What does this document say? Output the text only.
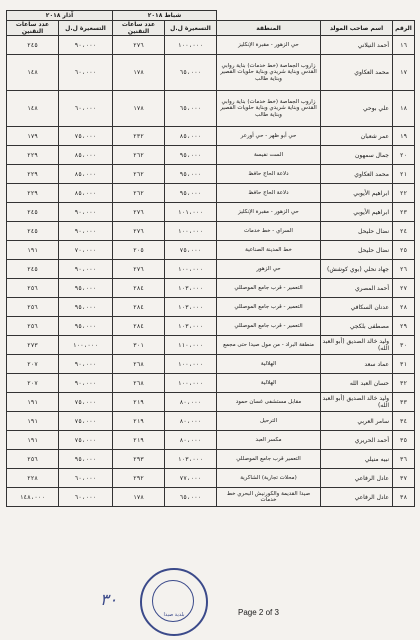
			شباط ٢٠١٨		آذار ٢٠١٨	
الرقم	اسم صاحب المولد	المنطقة	التسعيرة ل.ل	عدد ساعات التقنين	التسعيرة ل.ل	عدد ساعات التقنين
١٦	أحمد النيلاني	حي الزهور - مقبرة الإنكليز	١٠٠،٠٠٠	٢٧٦	٩٠،٠٠٠	٢٤٥
١٧	محمد العكاوي	زاروب الجماصة (خط خدمات) بناية روابي القدس وبناية شريدي وبناية حلويات القصير وبناية طالب	٦٥،٠٠٠	١٧٨	٦٠،٠٠٠	١٤٨
١٨	علي بوحي	زاروب الجماصة (خط خدمات) بناية روابي القدس وبناية شريدي وبناية حلويات القصير وبناية طالب	٦٥،٠٠٠	١٧٨	٦٠،٠٠٠	١٤٨
١٩	عمر شعبان	حي أبو ظهر - حي أورعر	٨٥،٠٠٠	٢٣٢	٧٥،٠٠٠	١٧٩
٢٠	جمال سمهون	الست نفيسة	٩٥،٠٠٠	٢٦٢	٨٥،٠٠٠	٢٢٩
٢١	محمد العكاوي	دلاعة الحاج حافظ	٩٥،٠٠٠	٢٦٢	٨٥،٠٠٠	٢٢٩
٢٢	ابراهيم الأيوبي	دلاعة الحاج حافظ	٩٥،٠٠٠	٢٦٢	٨٥،٠٠٠	٢٢٩
٢٣	ابراهيم الأيوبي	حي الزهور - مقبرة الإنكليز	١٠١،٠٠٠	٢٧٦	٩٠،٠٠٠	٢٤٥
٢٤	نضال حليحل	السراي - خط خدمات	١٠٠،٠٠٠	٢٧٦	٩٠،٠٠٠	٢٤٥
٢٥	نضال حليحل	خط المدينة الصناعية	٧٥،٠٠٠	٢٠٥	٧٠،٠٠٠	١٩١
٢٦	جهاد نحلي (بوي كوشش)	حي الزهور	١٠٠،٠٠٠	٢٧٦	٩٠،٠٠٠	٢٤٥
٢٧	أحمد المصري	التعمير - قرب جامع الموصللي	١٠٣،٠٠٠	٢٨٤	٩٥،٠٠٠	٢٥٦
٢٨	عدنان السكافي	التعمير - قرب جامع الموصللي	١٠٣،٠٠٠	٢٨٤	٩٥،٠٠٠	٢٥٦
٢٩	مصطفى بلكجي	التعمير - قرب جامع الموصللي	١٠٣،٠٠٠	٢٨٤	٩٥،٠٠٠	٢٥٦
٣٠	وليد خالد الصديق (أبو العبد الله)	منطقة البراد - من مول صيدا حتى مجمع	١١٠،٠٠٠	٣٠١	١٠٠،٠٠٠	٢٧٣
٣١	عماد سعد	الهلالية	١٠٠،٠٠٠	٢٦٨	٩٠،٠٠٠	٢٠٧
٣٢	حسان العبد الله	الهلالية	١٠٠،٠٠٠	٢٦٨	٩٠،٠٠٠	٢٠٧
٣٣	وليد خالد الصديق (أبو العبد الله)	مقابل مستشفى غسان حمود	٨٠،٠٠٠	٢١٩	٧٥،٠٠٠	١٩١
٣٤	سامر العربي	الترحيل	٨٠،٠٠٠	٢١٩	٧٥،٠٠٠	١٩١
٣٥	أحمد الحريري	مكسر العبد	٨٠،٠٠٠	٢١٩	٧٥،٠٠٠	١٩١
٣٦	نبيه منيلي	التعمير قرب جامع الموصللي	١٠٣،٠٠٠	٢٩٣	٩٥،٠٠٠	٢٥٦
٣٧	عادل الرفاعي	(محلات تجارية) الشاكرية	٧٧،٠٠٠	٢٩٢	٦٠،٠٠٠	٢٢٨
٣٨	عادل الرفاعي	صيدا القديمة والكورنيش البحري خط خدمات	٦٥،٠٠٠	١٧٨	٦٠،٠٠٠	١٤٨،٠٠٠
بلدية صيدا
٣٠
Page 2 of 3
